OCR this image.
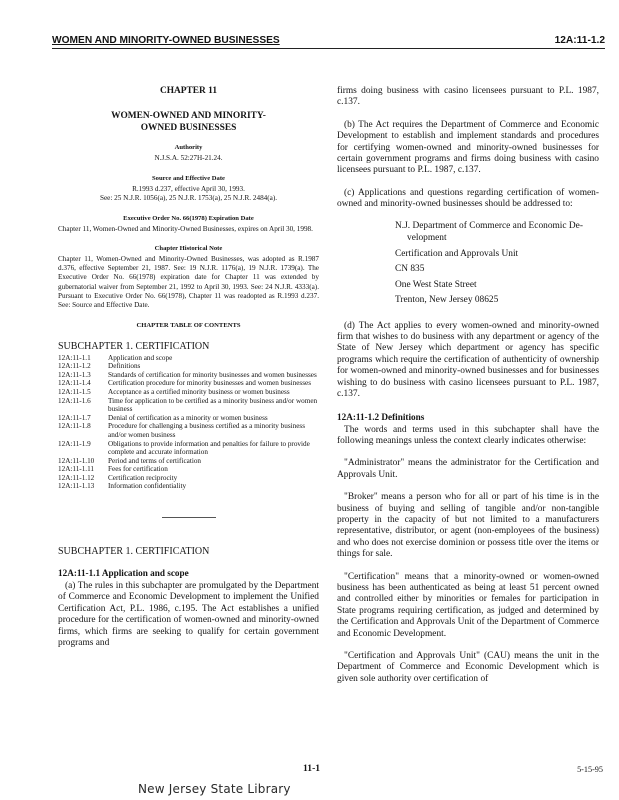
WOMEN AND MINORITY-OWNED BUSINESSES	12A:11-1.2
CHAPTER 11
WOMEN-OWNED AND MINORITY-
OWNED BUSINESSES
Authority
N.J.S.A. 52:27H-21.24.
Source and Effective Date
R.1993 d.237, effective April 30, 1993.
See: 25 N.J.R. 1056(a), 25 N.J.R. 1753(a), 25 N.J.R. 2484(a).
Executive Order No. 66(1978) Expiration Date

Chapter 11, Women-Owned and Minority-Owned Businesses, expires on April 30, 1998.

Chapter Historical Note

Chapter 11, Women-Owned and Minority-Owned Businesses, was adopted as R.1987 d.376, effective September 21, 1987. See: 19 N.J.R. 1176(a), 19 N.J.R. 1739(a). The Executive Order No. 66(1978) expiration date for Chapter 11 was extended by gubernatorial waiver from September 21, 1992 to April 30, 1993. See: 24 N.J.R. 4333(a). Pursuant to Executive Order No. 66(1978), Chapter 11 was readopted as R.1993 d.237. See: Source and Effective Date.

CHAPTER TABLE OF CONTENTS
SUBCHAPTER 1. CERTIFICATION
12A:11-1.1	Application and scope
12A:11-1.2	Definitions
12A:11-1.3	Standards of certification for minority businesses and women businesses
12A:11-1.4	Certification procedure for minority businesses and women businesses
12A:11-1.5	Acceptance as a certified minority business or women business
12A:11-1.6	Time for application to be certified as a minority business and/or women business
12A:11-1.7	Denial of certification as a minority or women business
12A:11-1.8	Procedure for challenging a business certified as a minority business and/or women business
12A:11-1.9	Obligations to provide information and penalties for failure to provide complete and accurate information
12A:11-1.10	Period and terms of certification
12A:11-1.11	Fees for certification
12A:11-1.12	Certification reciprocity
12A:11-1.13	Information confidentiality
SUBCHAPTER 1. CERTIFICATION
12A:11-1.1 Application and scope

(a) The rules in this subchapter are promulgated by the Department of Commerce and Economic Development to implement the Unified Certification Act, P.L. 1986, c.195. The Act establishes a unified procedure for the certification of women-owned and minority-owned firms, which firms are seeking to qualify for certain government programs and

firms doing business with casino licensees pursuant to P.L. 1987, c.137.

(b) The Act requires the Department of Commerce and Economic Development to establish and implement standards and procedures for certifying women-owned and minority-owned businesses for certain government programs and firms doing business with casino licensees pursuant to P.L. 1987, c.137.

(c) Applications and questions regarding certification of women-owned and minority-owned businesses should be addressed to:

N.J. Department of Commerce and Economic De-
velopment
Certification and Approvals Unit
CN 835
One West State Street
Trenton, New Jersey 08625

(d) The Act applies to every women-owned and minority-owned firm that wishes to do business with any department or agency of the State of New Jersey which department or agency has specific programs which require the certification of authenticity of ownership for women-owned and minority-owned businesses and for businesses wishing to do business with casino licensees pursuant to P.L. 1987, c.137.

12A:11-1.2 Definitions

The words and terms used in this subchapter shall have the following meanings unless the context clearly indicates otherwise:

"Administrator" means the administrator for the Certification and Approvals Unit.

"Broker" means a person who for all or part of his time is in the business of buying and selling of tangible and/or non-tangible property in the capacity of but not limited to a manufacturers representative, distributor, or agent (non-employees of the business) and who does not exercise dominion or possess title over the items or things for sale.

"Certification" means that a minority-owned or women-owned business has been authenticated as being at least 51 percent owned and controlled either by minorities or females for participation in State programs requiring certification, as judged and determined by the Certification and Approvals Unit of the Department of Commerce and Economic Development.

"Certification and Approvals Unit" (CAU) means the unit in the Department of Commerce and Economic Development which is given sole authority over certification of

11-1	5-15-95
New Jersey State Library
